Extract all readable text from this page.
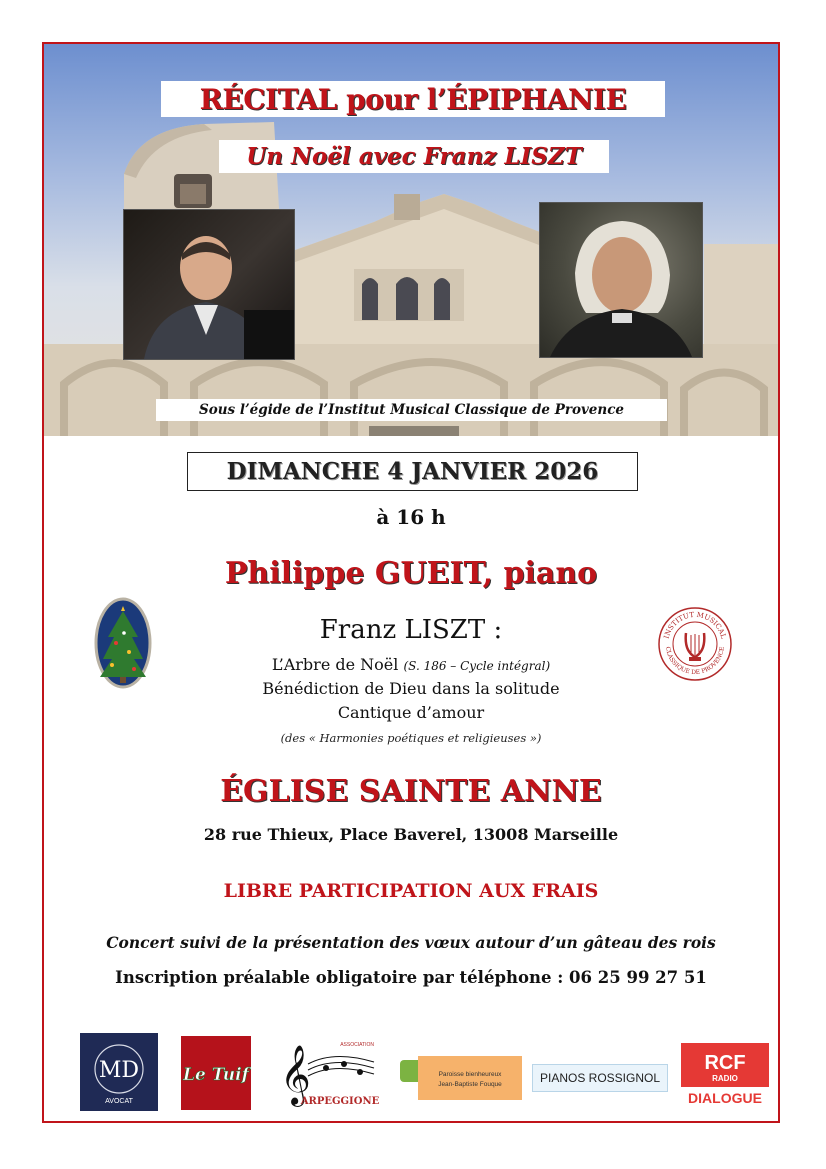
RÉCITAL pour l’ÉPIPHANIE
Un Noël avec Franz LISZT
Sous l’égide de l’Institut Musical Classique de Provence
DIMANCHE 4 JANVIER 2026
à 16 h
Philippe GUEIT, piano
Franz LISZT :
L’Arbre de Noël (S. 186 – Cycle intégral)
Bénédiction de Dieu dans la solitude
Cantique d’amour
(des « Harmonies poétiques et religieuses »)
INSTITUT MUSICAL
CLASSIQUE DE PROVENCE
ÉGLISE SAINTE ANNE
28 rue Thieux, Place Baverel, 13008 Marseille
LIBRE PARTICIPATION AUX FRAIS
Concert suivi de la présentation des vœux autour d’un gâteau des rois
Inscription préalable obligatoire par téléphone : 06 25 99 27 51
MD
AVOCAT
Le Tuif 𝄞	ASSOCIATION
ARPEGGIONE
Paroisse bienheureux
Jean-Baptiste Fouque	PIANOS ROSSIGNOL
RCF
RADIO
DIALOGUE
